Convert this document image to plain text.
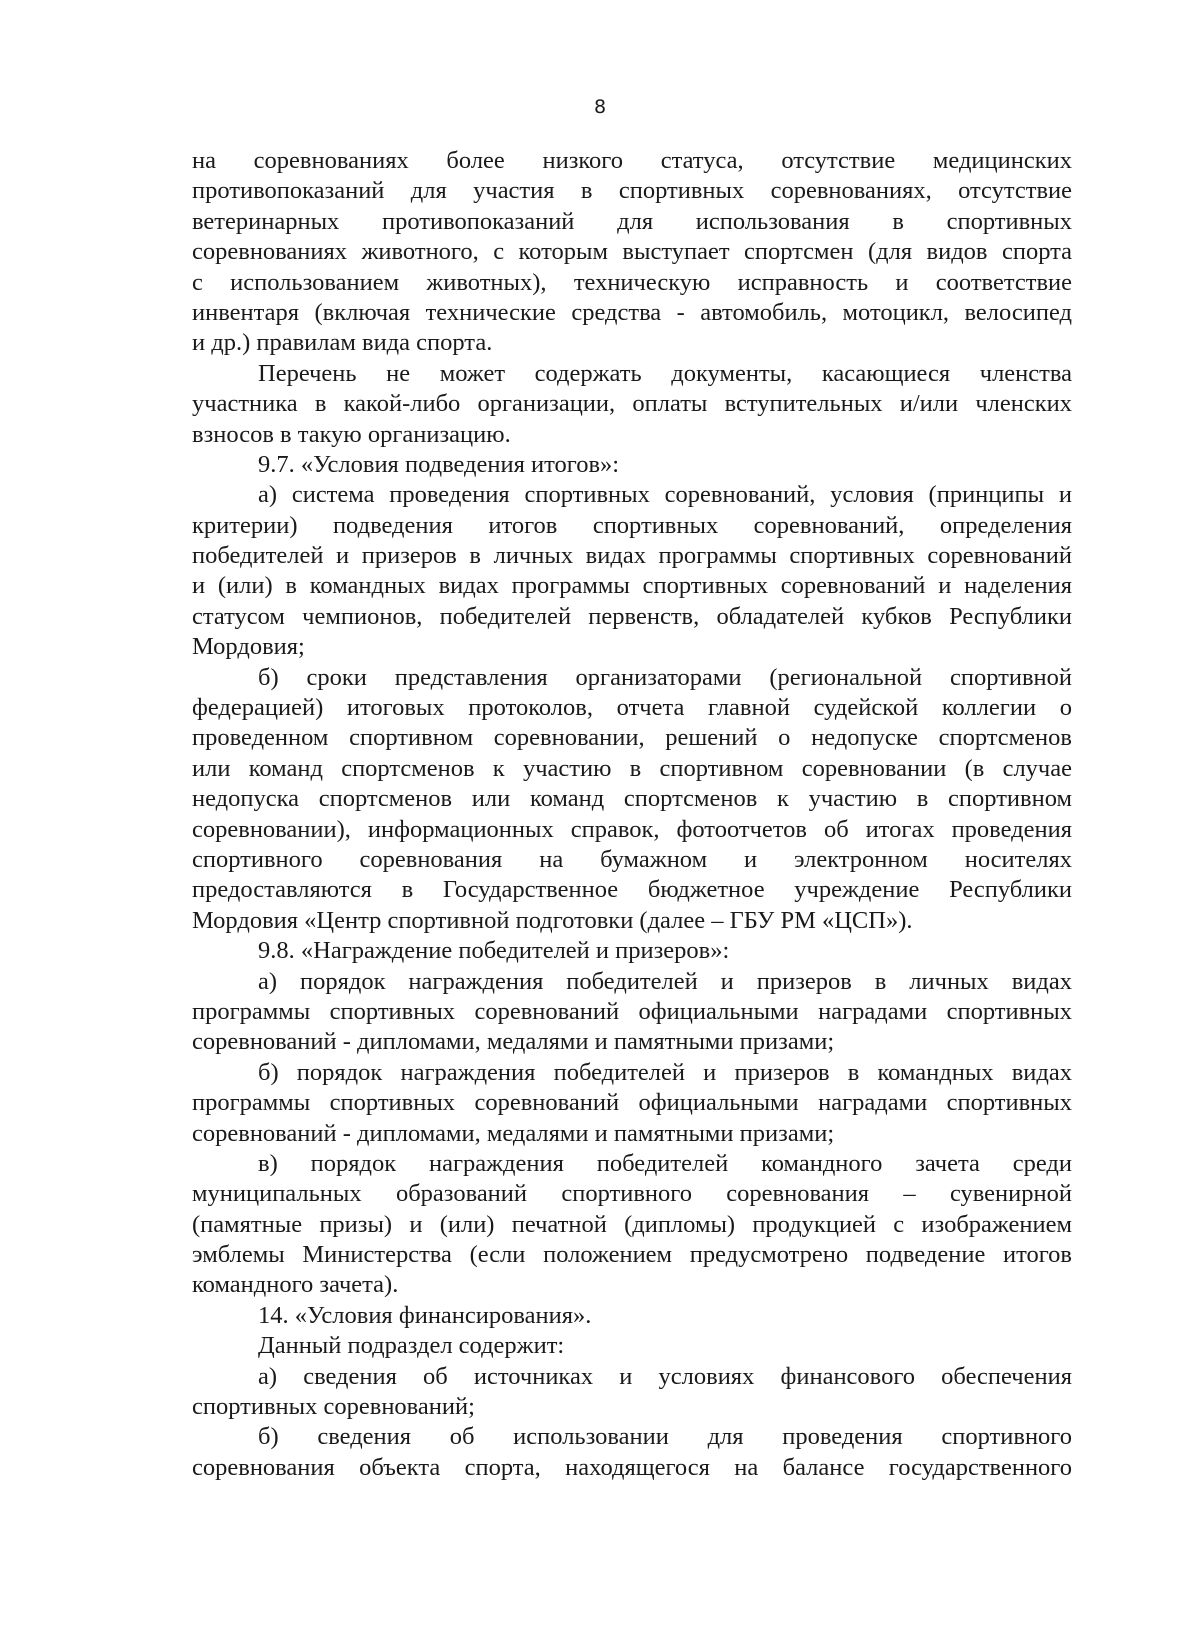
8
на соревнованиях более низкого статуса, отсутствие медицинских
противопоказаний для участия в спортивных соревнованиях, отсутствие
ветеринарных противопоказаний для использования в спортивных
соревнованиях животного, с которым выступает спортсмен (для видов спорта
с использованием животных), техническую исправность и соответствие
инвентаря (включая технические средства - автомобиль, мотоцикл, велосипед
и др.) правилам вида спорта.
Перечень не может содержать документы, касающиеся членства
участника в какой-либо организации, оплаты вступительных и/или членских
взносов в такую организацию.
9.7. «Условия подведения итогов»:
а) система проведения спортивных соревнований, условия (принципы и
критерии) подведения итогов спортивных соревнований, определения
победителей и призеров в личных видах программы спортивных соревнований
и (или) в командных видах программы спортивных соревнований и наделения
статусом чемпионов, победителей первенств, обладателей кубков Республики
Мордовия;
б) сроки представления организаторами (региональной спортивной
федерацией) итоговых протоколов, отчета главной судейской коллегии о
проведенном спортивном соревновании, решений о недопуске спортсменов
или команд спортсменов к участию в спортивном соревновании (в случае
недопуска спортсменов или команд спортсменов к участию в спортивном
соревновании), информационных справок, фотоотчетов об итогах проведения
спортивного соревнования на бумажном и электронном носителях
предоставляются в Государственное бюджетное учреждение Республики
Мордовия «Центр спортивной подготовки (далее – ГБУ РМ «ЦСП»).
9.8. «Награждение победителей и призеров»:
а) порядок награждения победителей и призеров в личных видах
программы спортивных соревнований официальными наградами спортивных
соревнований - дипломами, медалями и памятными призами;
б) порядок награждения победителей и призеров в командных видах
программы спортивных соревнований официальными наградами спортивных
соревнований - дипломами, медалями и памятными призами;
в) порядок награждения победителей командного зачета среди
муниципальных образований спортивного соревнования – сувенирной
(памятные призы) и (или) печатной (дипломы) продукцией с изображением
эмблемы Министерства (если положением предусмотрено подведение итогов
командного зачета).
14. «Условия финансирования».
Данный подраздел содержит:
а) сведения об источниках и условиях финансового обеспечения
спортивных соревнований;
б) сведения об использовании для проведения спортивного
соревнования объекта спорта, находящегося на балансе государственного
